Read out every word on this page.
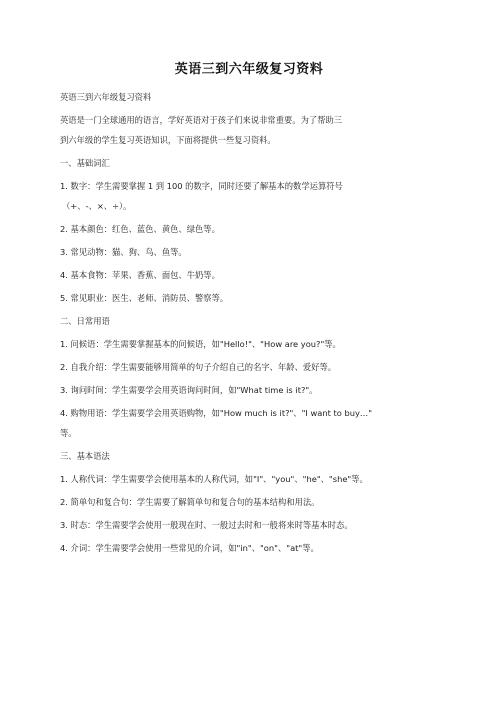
英语三到六年级复习资料

英语三到六年级复习资料

英语是一门全球通用的语言，学好英语对于孩子们来说非常重要。为了帮助三

到六年级的学生复习英语知识，下面将提供一些复习资料。

一、基础词汇

1. 数字：学生需要掌握 1 到 100 的数字，同时还要了解基本的数学运算符号

（+、-、×、÷）。

2. 基本颜色：红色、蓝色、黄色、绿色等。

3. 常见动物：猫、狗、鸟、鱼等。

4. 基本食物：苹果、香蕉、面包、牛奶等。

5. 常见职业：医生、老师、消防员、警察等。

二、日常用语

1. 问候语：学生需要掌握基本的问候语，如"Hello!"、"How are you?"等。

2. 自我介绍：学生需要能够用简单的句子介绍自己的名字、年龄、爱好等。

3. 询问时间：学生需要学会用英语询问时间，如"What time is it?"。

4. 购物用语：学生需要学会用英语购物，如"How much is it?"、"I want to buy…"

等。

三、基本语法

1. 人称代词：学生需要学会使用基本的人称代词，如"I"、"you"、"he"、"she"等。

2. 简单句和复合句：学生需要了解简单句和复合句的基本结构和用法。

3. 时态：学生需要学会使用一般现在时、一般过去时和一般将来时等基本时态。

4. 介词：学生需要学会使用一些常见的介词，如"in"、"on"、"at"等。
